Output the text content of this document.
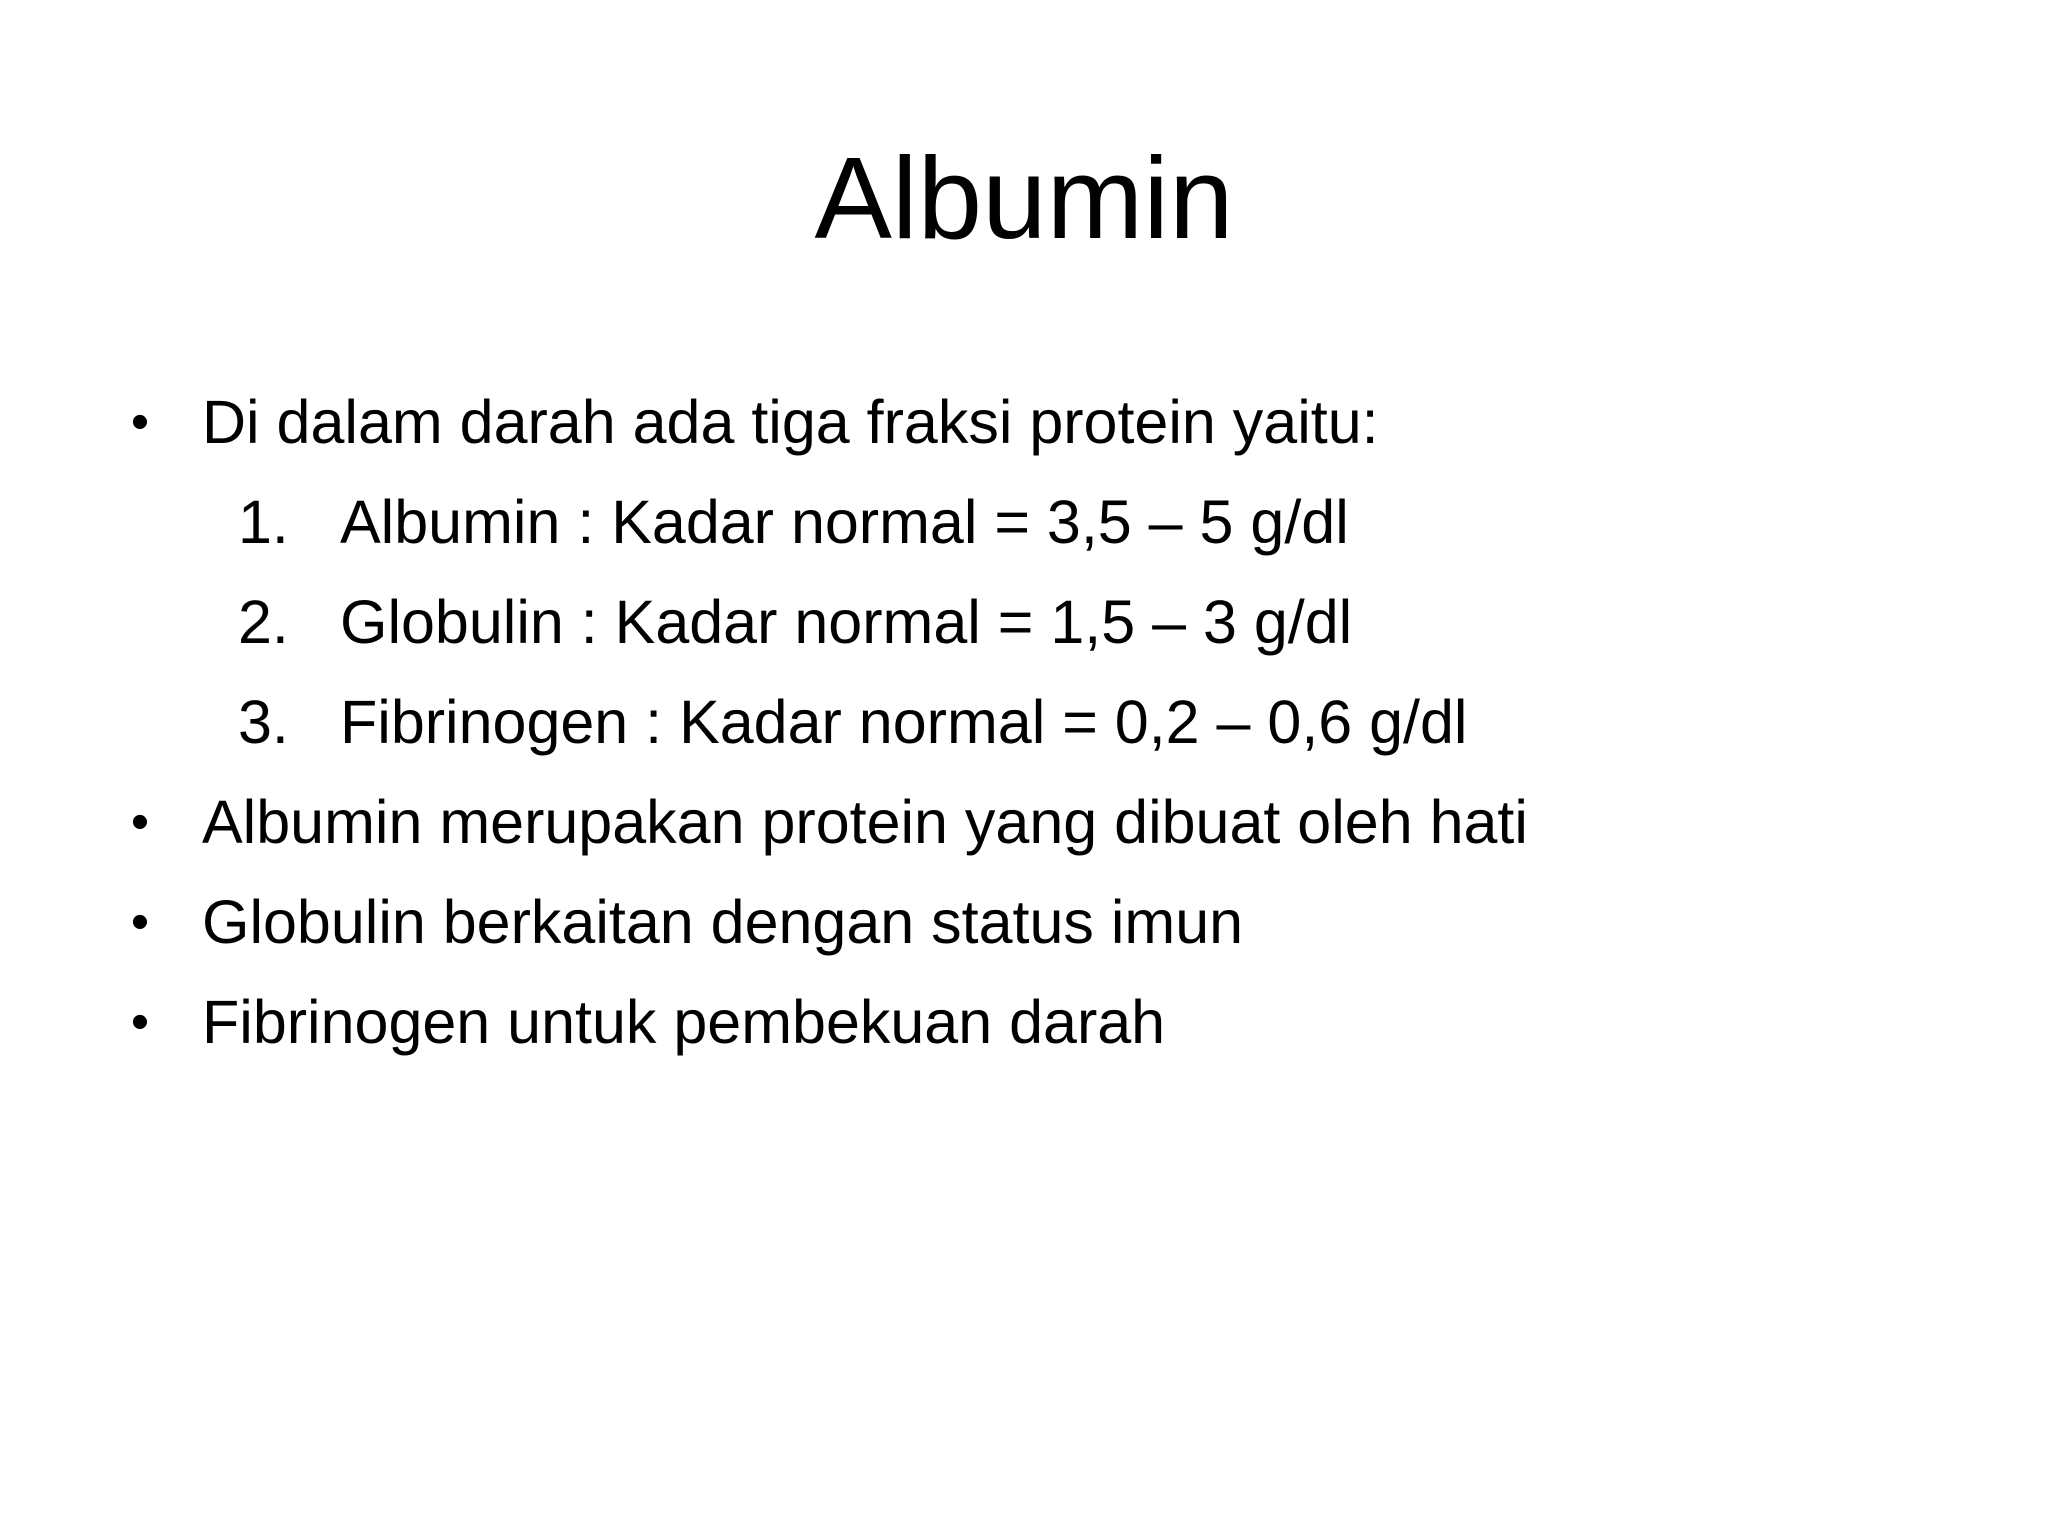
Albumin
• Di dalam darah ada tiga fraksi protein yaitu:
1. Albumin : Kadar normal = 3,5 – 5 g/dl
2. Globulin : Kadar normal = 1,5 – 3 g/dl
3. Fibrinogen : Kadar normal = 0,2 – 0,6 g/dl
• Albumin merupakan protein yang dibuat oleh hati
• Globulin berkaitan dengan status imun
• Fibrinogen untuk pembekuan darah
